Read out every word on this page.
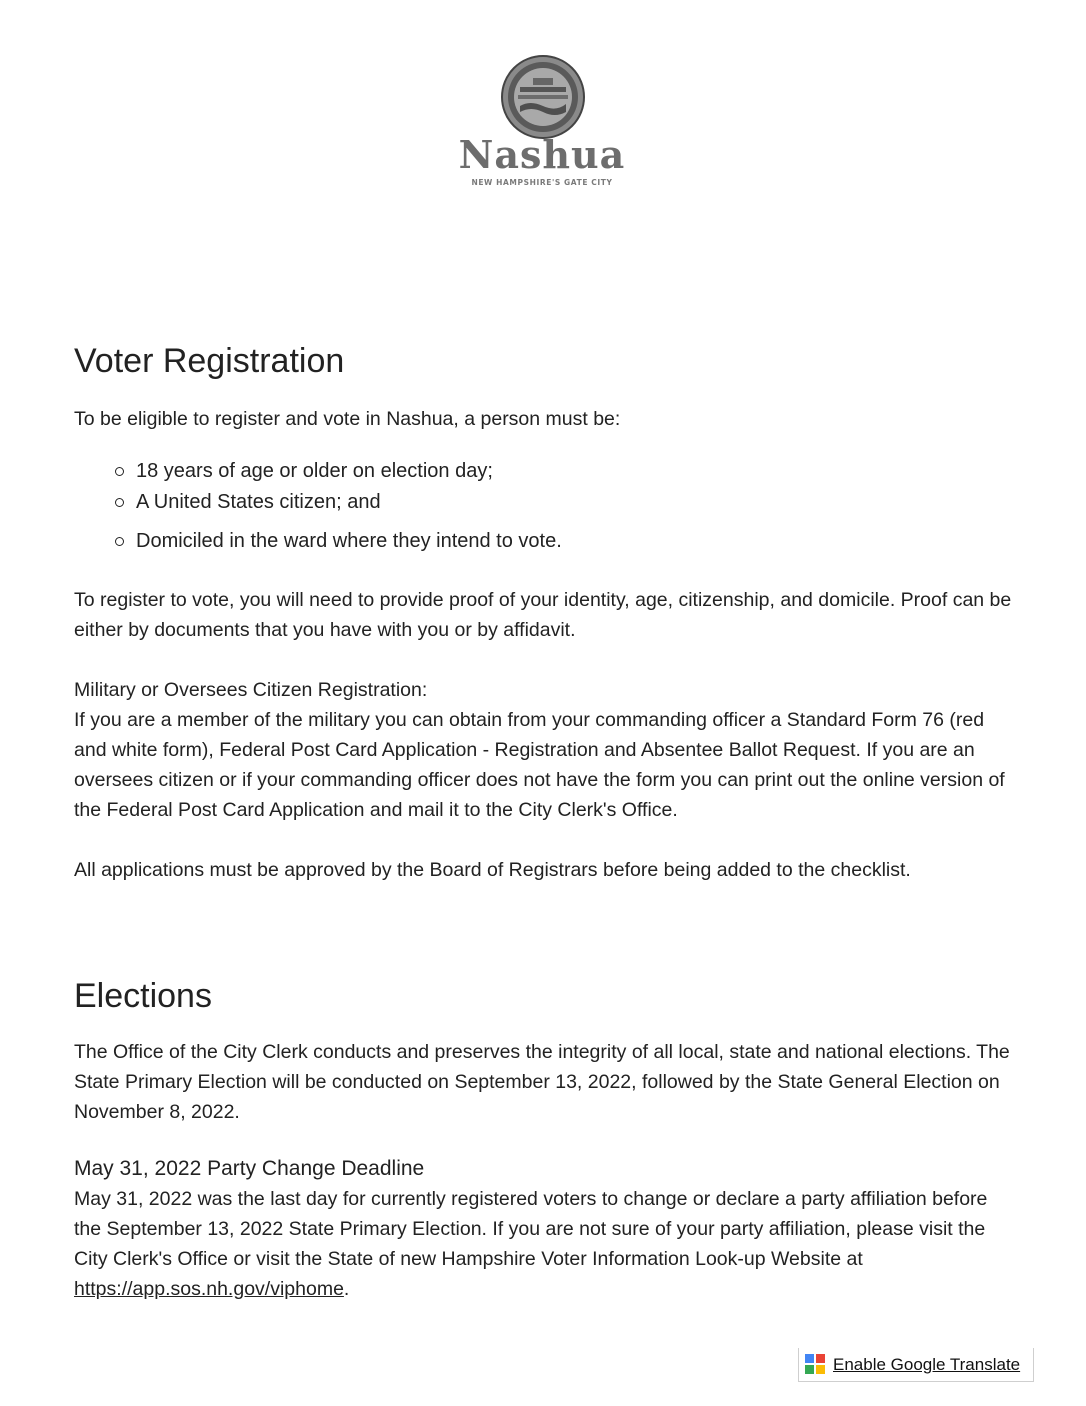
Nashua
NEW HAMPSHIRE'S GATE CITY
Voter Registration

To be eligible to register and vote in Nashua, a person must be:

18 years of age or older on election day;
A United States citizen; and
Domiciled in the ward where they intend to vote.

To register to vote, you will need to provide proof of your identity, age, citizenship, and domicile. Proof can be either by documents that you have with you or by affidavit.

Military or Oversees Citizen Registration:

If you are a member of the military you can obtain from your commanding officer a Standard Form 76 (red and white form), Federal Post Card Application - Registration and Absentee Ballot Request. If you are an oversees citizen or if your commanding officer does not have the form you can print out the online version of the Federal Post Card Application and mail it to the City Clerk's Office.

All applications must be approved by the Board of Registrars before being added to the checklist.

Elections

The Office of the City Clerk conducts and preserves the integrity of all local, state and national elections. The State Primary Election will be conducted on September 13, 2022, followed by the State General Election on November 8, 2022.

May 31, 2022 Party Change Deadline

May 31, 2022 was the last day for currently registered voters to change or declare a party affiliation before the September 13, 2022 State Primary Election. If you are not sure of your party affiliation, please visit the City Clerk's Office or visit the State of new Hampshire Voter Information Look-up Website at https://app.sos.nh.gov/viphome.

Enable Google Translate
